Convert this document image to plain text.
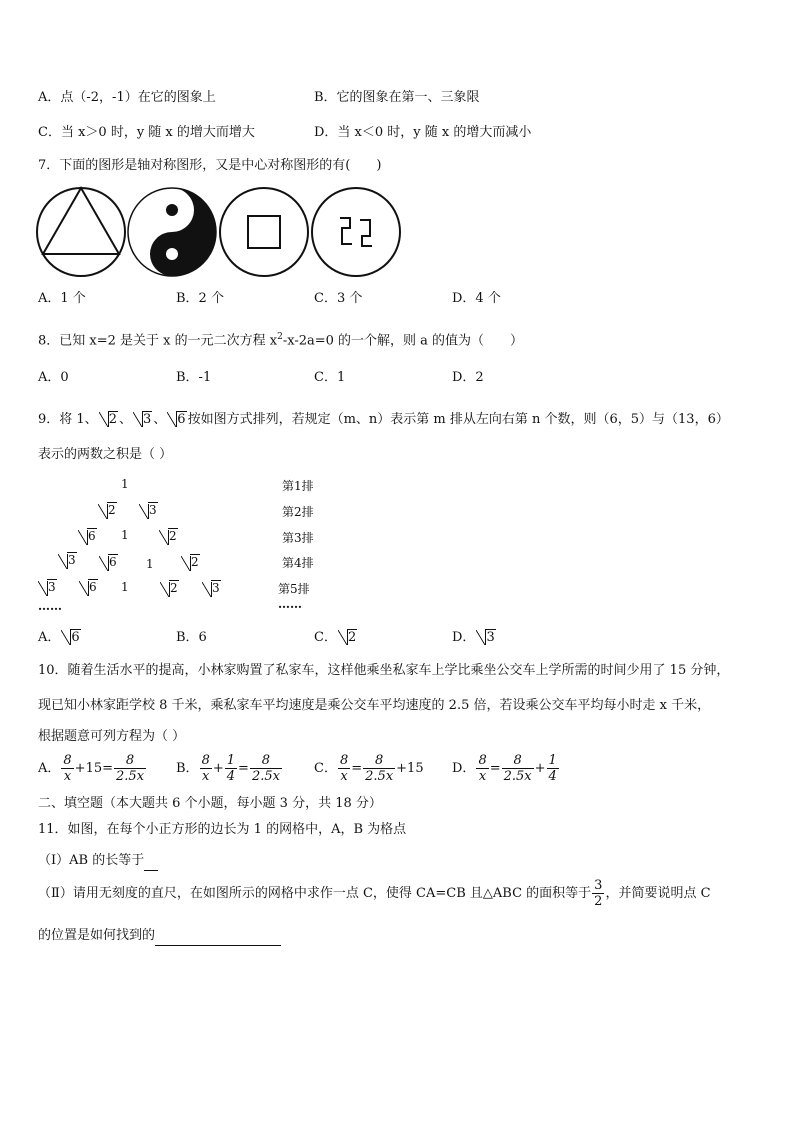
A．点（-2，-1）在它的图象上	B．它的图象在第一、三象限
C．当 x＞0 时，y 随 x 的增大而增大	D．当 x＜0 时，y 随 x 的增大而减小
7．下面的图形是轴对称图形，又是中心对称图形的有(　　)
A．1 个	B．2 个	C．3 个	D．4 个
8．已知 x=2 是关于 x 的一元二次方程 $x^2-x-2a=0$ 的一个解，则 a 的值为（　　）
A．0	B．-1	C．1	D．2
9．将 1、 2 、 3 、 6 按如图方式排列，若规定（m、n）表示第 m 排从左向右第 n 个数，则（6，5）与（13，6）
表示的两数之积是（ ）
1
2	3
6 1	2
3	6 1	2
3	6 1	2	3
……
第1排
第2排
第3排
第4排
第5排
……
A． 6	B．6	C． 2	D． 3
10．随着生活水平的提高，小林家购置了私家车，这样他乘坐私家车上学比乘坐公交车上学所需的时间少用了 15 分钟，
现已知小林家距学校 8 千米，乘私家车平均速度是乘公交车平均速度的 2.5 倍，若设乘公交车平均每小时走 x 千米，
根据题意可列方程为（ ）
A． $\frac{8}{x} +15= \frac{8}{2.5x}$ B． $\frac{8}{x} + \frac{1}{4} = \frac{8}{2.5x}$ C． $\frac{8}{x} = \frac{8}{2.5x} +15$ D． $\frac{8}{x} = \frac{8}{2.5x} + \frac{1}{4}$
二、填空题（本大题共 6 个小题，每小题 3 分，共 18 分）
11．如图，在每个小正方形的边长为 1 的网格中，A，B 为格点
（Ⅰ）AB 的长等于
（Ⅱ）请用无刻度的直尺，在如图所示的网格中求作一点 C，使得 CA=CB 且△ABC 的面积等于 $\frac{3}{2}$ ，并简要说明点 C
的位置是如何找到的
